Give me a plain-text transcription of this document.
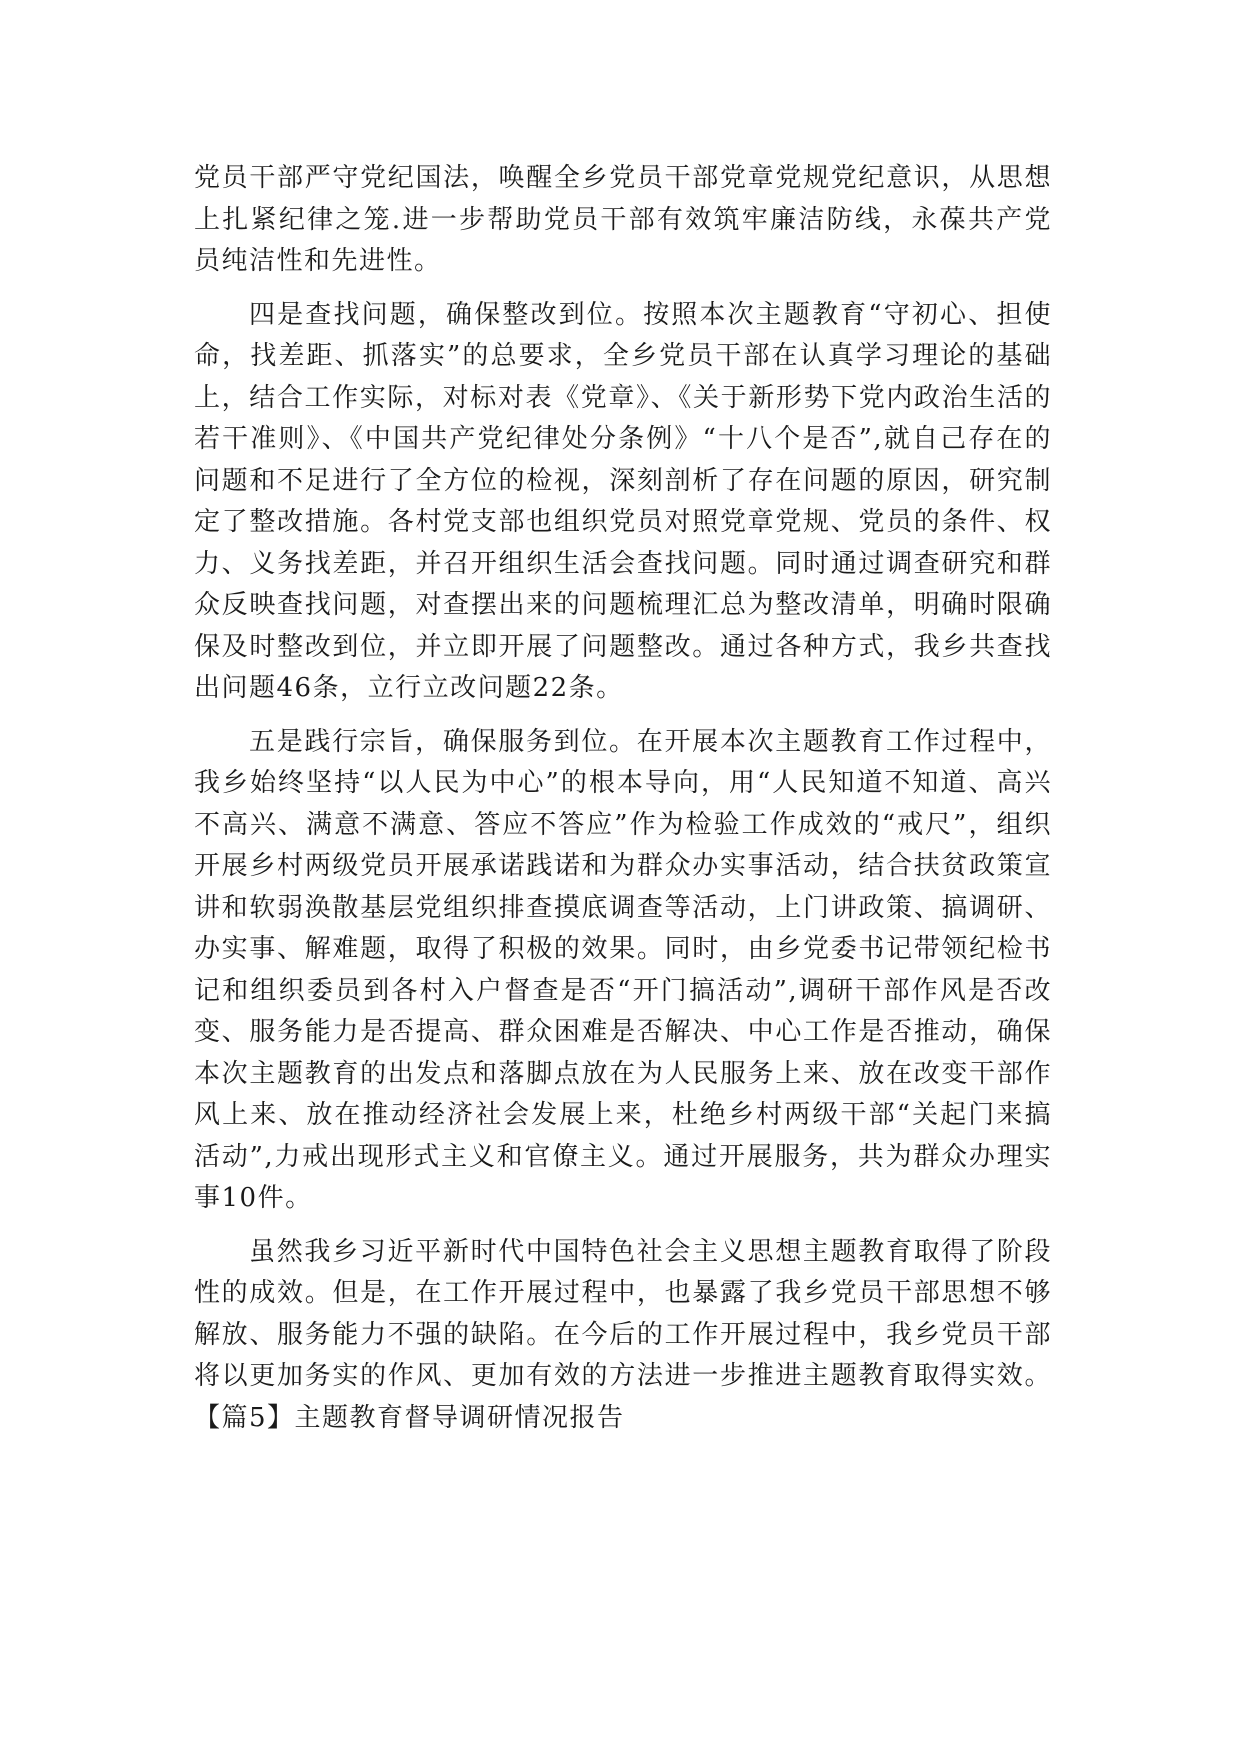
党员干部严守党纪国法，唤醒全乡党员干部党章党规党纪意识，从思想上扎紧纪律之笼.进一步帮助党员干部有效筑牢廉洁防线，永葆共产党员纯洁性和先进性。

四是查找问题，确保整改到位。按照本次主题教育“守初心、担使命，找差距、抓落实”的总要求，全乡党员干部在认真学习理论的基础上，结合工作实际，对标对表《党章》、《关于新形势下党内政治生活的若干准则》、《中国共产党纪律处分条例》“十八个是否”,就自己存在的问题和不足进行了全方位的检视，深刻剖析了存在问题的原因，研究制定了整改措施。各村党支部也组织党员对照党章党规、党员的条件、权力、义务找差距，并召开组织生活会查找问题。同时通过调查研究和群众反映查找问题，对查摆出来的问题梳理汇总为整改清单，明确时限确保及时整改到位，并立即开展了问题整改。通过各种方式，我乡共查找出问题46条，立行立改问题22条。

五是践行宗旨，确保服务到位。在开展本次主题教育工作过程中，我乡始终坚持“以人民为中心”的根本导向，用“人民知道不知道、高兴不高兴、满意不满意、答应不答应”作为检验工作成效的“戒尺”，组织开展乡村两级党员开展承诺践诺和为群众办实事活动，结合扶贫政策宣讲和软弱涣散基层党组织排查摸底调查等活动，上门讲政策、搞调研、办实事、解难题，取得了积极的效果。同时，由乡党委书记带领纪检书记和组织委员到各村入户督查是否“开门搞活动”,调研干部作风是否改变、服务能力是否提高、群众困难是否解决、中心工作是否推动，确保本次主题教育的出发点和落脚点放在为人民服务上来、放在改变干部作风上来、放在推动经济社会发展上来，杜绝乡村两级干部“关起门来搞活动”,力戒出现形式主义和官僚主义。通过开展服务，共为群众办理实事10件。

虽然我乡习近平新时代中国特色社会主义思想主题教育取得了阶段性的成效。但是，在工作开展过程中，也暴露了我乡党员干部思想不够解放、服务能力不强的缺陷。在今后的工作开展过程中，我乡党员干部将以更加务实的作风、更加有效的方法进一步推进主题教育取得实效。【篇5】主题教育督导调研情况报告
